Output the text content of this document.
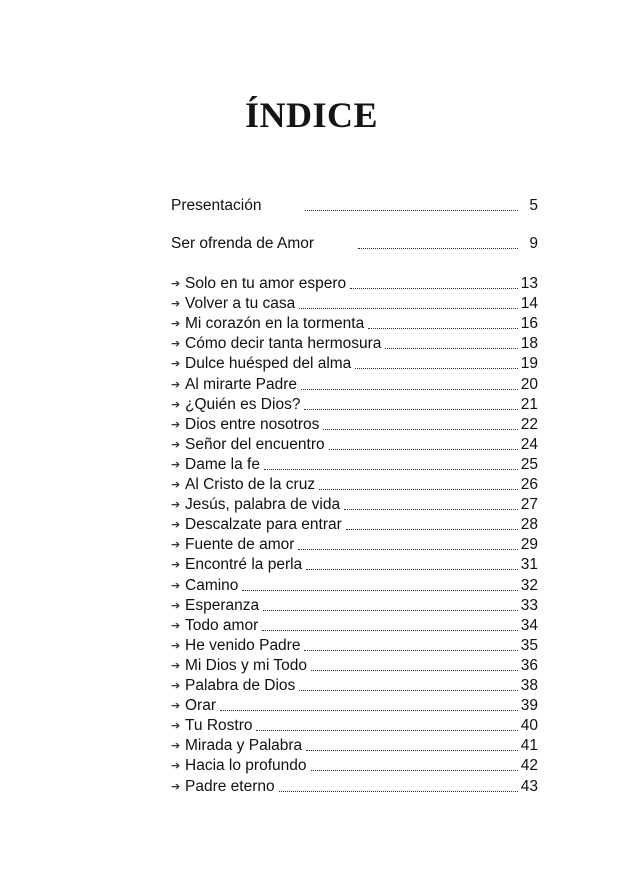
ÍNDICE
Presentación	5
Ser ofrenda de Amor	9
➔ Solo en tu amor espero	13
➔ Volver a tu casa	14
➔ Mi corazón en la tormenta	16
➔ Cómo decir tanta hermosura	18
➔ Dulce huésped del alma	19
➔ Al mirarte Padre	20
➔ ¿Quién es Dios?	21
➔ Dios entre nosotros	22
➔ Señor del encuentro	24
➔ Dame la fe	25
➔ Al Cristo de la cruz	26
➔ Jesús, palabra de vida	27
➔ Descalzate para entrar	28
➔ Fuente de amor	29
➔ Encontré la perla	31
➔ Camino	32
➔ Esperanza	33
➔ Todo amor	34
➔ He venido Padre	35
➔ Mi Dios y mi Todo	36
➔ Palabra de Dios	38
➔ Orar	39
➔ Tu Rostro	40
➔ Mirada y Palabra	41
➔ Hacia lo profundo	42
➔ Padre eterno	43
